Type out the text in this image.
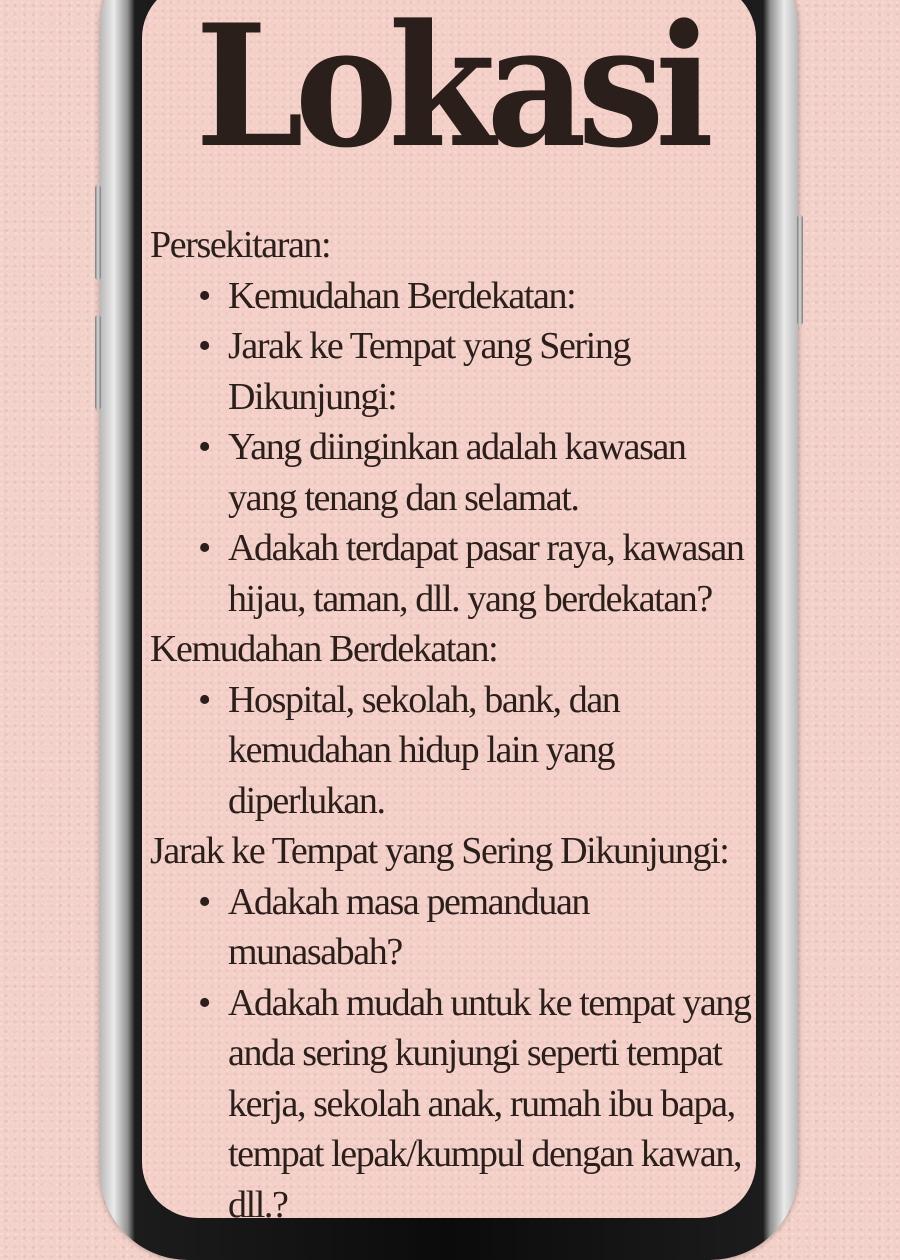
Lokasi

Persekitaran:

• Kemudahan Berdekatan:
• Jarak ke Tempat yang Sering Dikunjungi:
• Yang diinginkan adalah kawasan yang tenang dan selamat.
• Adakah terdapat pasar raya, kawasan hijau, taman, dll. yang berdekatan?

Kemudahan Berdekatan:

• Hospital, sekolah, bank, dan kemudahan hidup lain yang diperlukan.

Jarak ke Tempat yang Sering Dikunjungi:

• Adakah masa pemanduan munasabah?
• Adakah mudah untuk ke tempat yang anda sering kunjungi seperti tempat kerja, sekolah anak, rumah ibu bapa, tempat lepak/kumpul dengan kawan, dll.?
